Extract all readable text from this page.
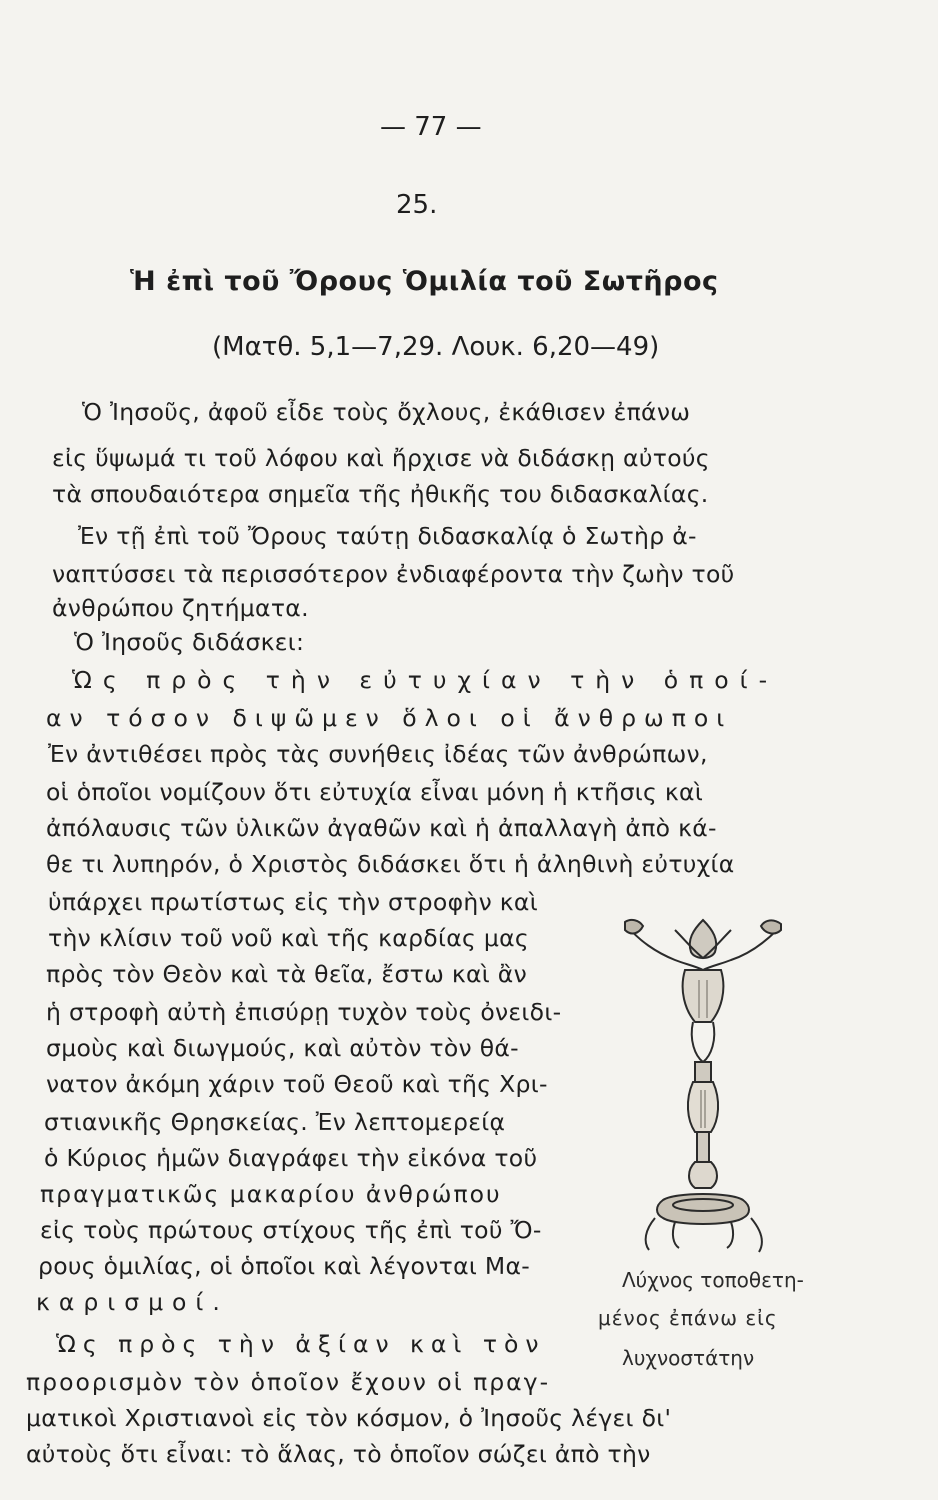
— 77 —
25.
Ἡ ἐπὶ τοῦ Ὄρους Ὁμιλία τοῦ Σωτῆρος
(Ματθ. 5,1—7,29. Λουκ. 6,20—49)
Ὁ Ἰησοῦς, ἀφοῦ εἶδε τοὺς ὄχλους, ἐκάθισεν ἐπάνω
εἰς ὕψωμά τι τοῦ λόφου καὶ ἤρχισε νὰ διδάσκῃ αὐτούς
τὰ σπουδαιότερα σημεῖα τῆς ἠθικῆς του διδασκαλίας.
Ἐν τῇ ἐπὶ τοῦ Ὄρους ταύτῃ διδασκαλίᾳ ὁ Σωτὴρ ἀ-
ναπτύσσει τὰ περισσότερον ἐνδιαφέροντα τὴν ζωὴν τοῦ
ἀνθρώπου ζητήματα.
Ὁ Ἰησοῦς διδάσκει:
Ὡς πρὸς τὴν εὐτυχίαν τὴν ὁποί-
αν τόσον διψῶμεν ὅλοι οἱ ἄνθρωποι
Ἐν ἀντιθέσει πρὸς τὰς συνήθεις ἰδέας τῶν ἀνθρώπων,
οἱ ὁποῖοι νομίζουν ὅτι εὐτυχία εἶναι μόνη ἡ κτῆσις καὶ
ἀπόλαυσις τῶν ὑλικῶν ἀγαθῶν καὶ ἡ ἀπαλλαγὴ ἀπὸ κά-
θε τι λυπηρόν, ὁ Χριστὸς διδάσκει ὅτι ἡ ἀληθινὴ εὐτυχία
ὑπάρχει πρωτίστως εἰς τὴν στροφὴν καὶ
τὴν κλίσιν τοῦ νοῦ καὶ τῆς καρδίας μας
πρὸς τὸν Θεὸν καὶ τὰ θεῖα, ἔστω καὶ ἂν
ἡ στροφὴ αὐτὴ ἐπισύρῃ τυχὸν τοὺς ὀνειδι-
σμοὺς καὶ διωγμούς, καὶ αὐτὸν τὸν θά-
νατον ἀκόμη χάριν τοῦ Θεοῦ καὶ τῆς Χρι-
στιανικῆς Θρησκείας. Ἐν λεπτομερείᾳ
ὁ Κύριος ἡμῶν διαγράφει τὴν εἰκόνα τοῦ
πραγματικῶς μακαρίου ἀνθρώπου
εἰς τοὺς πρώτους στίχους τῆς ἐπὶ τοῦ Ὄ-
ρους ὁμιλίας, οἱ ὁποῖοι καὶ λέγονται Μα-
καρισμοί.
Ὡς πρὸς τὴν ἀξίαν καὶ τὸν
προορισμὸν τὸν ὁποῖον ἔχουν οἱ πραγ-
ματικοὶ Χριστιανοὶ εἰς τὸν κόσμον, ὁ Ἰησοῦς λέγει δι'
αὐτοὺς ὅτι εἶναι: τὸ ἅλας, τὸ ὁποῖον σώζει ἀπὸ τὴν
Λύχνος τοποθετη-
μένος ἐπάνω εἰς
λυχνοστάτην
